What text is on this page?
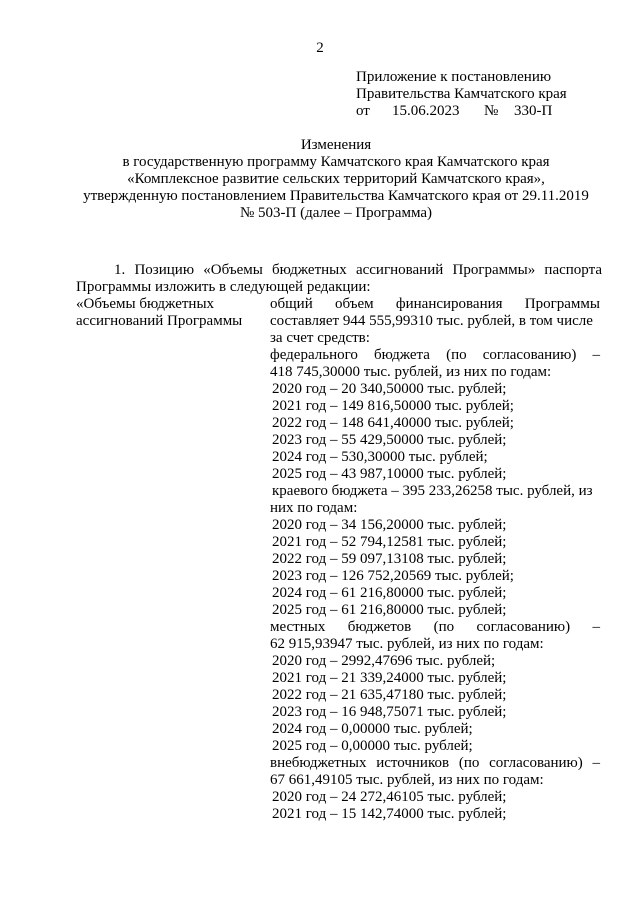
2
Приложение к постановлению
Правительства Камчатского края
от 15.06.2023 № 330-П
Изменения
в государственную программу Камчатского края Камчатского края
«Комплексное развитие сельских территорий Камчатского края»,
утвержденную постановлением Правительства Камчатского края от 29.11.2019
№ 503-П (далее – Программа)
1. Позицию «Объемы бюджетных ассигнований Программы» паспорта
Программы изложить в следующей редакции:
«Объемы бюджетных
ассигнований Программы
общий объем финансирования Программы
составляет 944 555,99310 тыс. рублей, в том числе
за счет средств:
федерального бюджета (по согласованию) –
418 745,30000 тыс. рублей, из них по годам:
2020 год – 20 340,50000 тыс. рублей;
2021 год – 149 816,50000 тыс. рублей;
2022 год – 148 641,40000 тыс. рублей;
2023 год – 55 429,50000 тыс. рублей;
2024 год – 530,30000 тыс. рублей;
2025 год – 43 987,10000 тыс. рублей;
краевого бюджета – 395 233,26258 тыс. рублей, из
них по годам:
2020 год – 34 156,20000 тыс. рублей;
2021 год – 52 794,12581 тыс. рублей;
2022 год – 59 097,13108 тыс. рублей;
2023 год – 126 752,20569 тыс. рублей;
2024 год – 61 216,80000 тыс. рублей;
2025 год – 61 216,80000 тыс. рублей;
местных бюджетов (по согласованию) –
62 915,93947 тыс. рублей, из них по годам:
2020 год – 2992,47696 тыс. рублей;
2021 год – 21 339,24000 тыс. рублей;
2022 год – 21 635,47180 тыс. рублей;
2023 год – 16 948,75071 тыс. рублей;
2024 год – 0,00000 тыс. рублей;
2025 год – 0,00000 тыс. рублей;
внебюджетных источников (по согласованию) –
67 661,49105 тыс. рублей, из них по годам:
2020 год – 24 272,46105 тыс. рублей;
2021 год – 15 142,74000 тыс. рублей;
